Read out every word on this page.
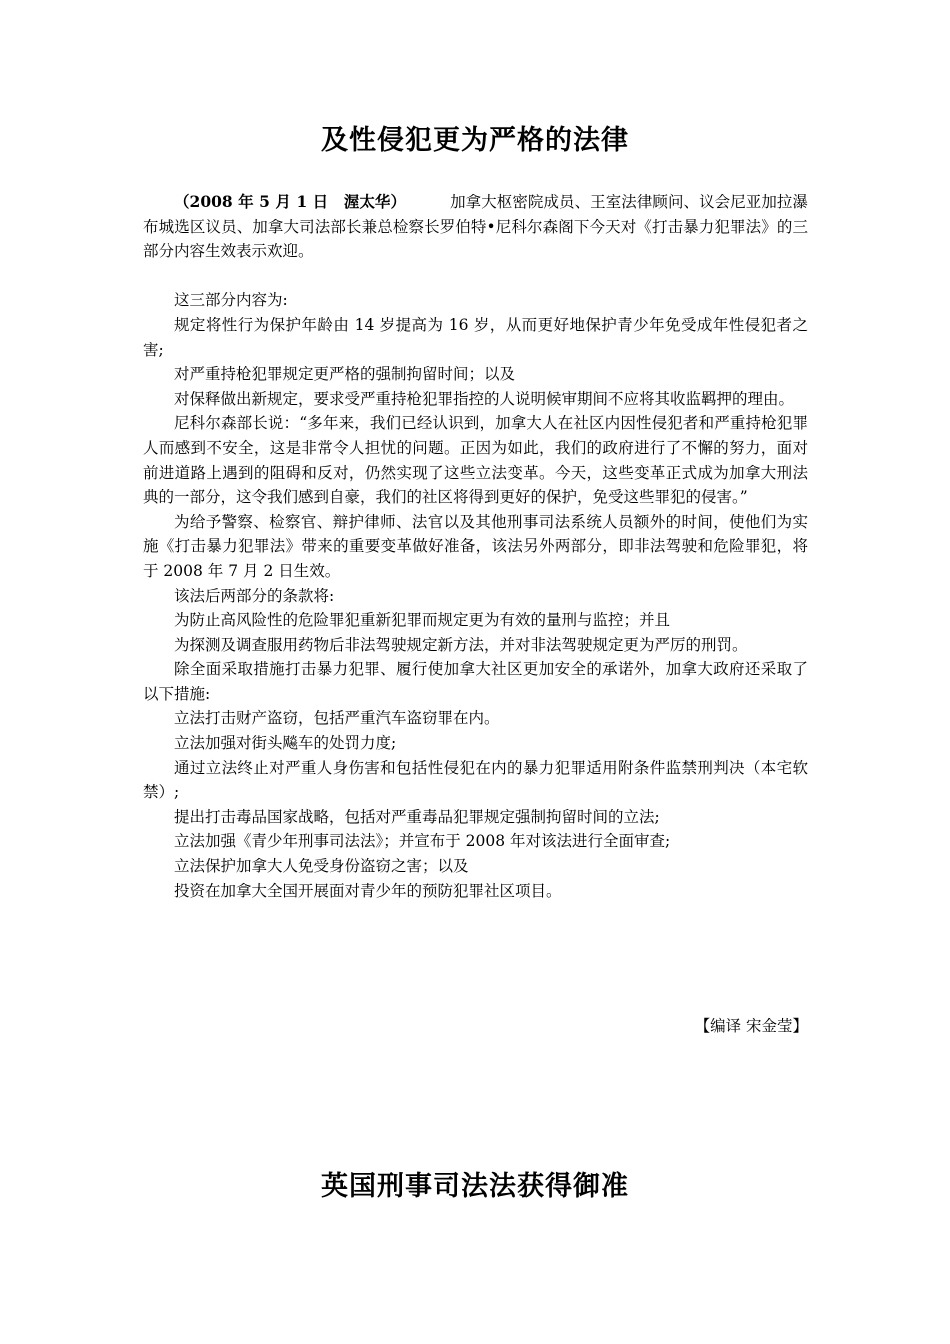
及性侵犯更为严格的法律

（2008 年 5 月 1 日　渥太华）	加拿大枢密院成员、王室法律顾问、议会尼亚加拉瀑布城选区议员、加拿大司法部长兼总检察长罗伯特•尼科尔森阁下今天对《打击暴力犯罪法》的三部分内容生效表示欢迎。

这三部分内容为:

规定将性行为保护年龄由 14 岁提高为 16 岁，从而更好地保护青少年免受成年性侵犯者之害;

对严重持枪犯罪规定更严格的强制拘留时间；以及

对保释做出新规定，要求受严重持枪犯罪指控的人说明候审期间不应将其收监羁押的理由。

尼科尔森部长说：“多年来，我们已经认识到，加拿大人在社区内因性侵犯者和严重持枪犯罪人而感到不安全，这是非常令人担忧的问题。正因为如此，我们的政府进行了不懈的努力，面对前进道路上遇到的阻碍和反对，仍然实现了这些立法变革。今天，这些变革正式成为加拿大刑法典的一部分，这令我们感到自豪，我们的社区将得到更好的保护，免受这些罪犯的侵害。”

为给予警察、检察官、辩护律师、法官以及其他刑事司法系统人员额外的时间，使他们为实施《打击暴力犯罪法》带来的重要变革做好准备，该法另外两部分，即非法驾驶和危险罪犯，将于 2008 年 7 月 2 日生效。

该法后两部分的条款将:

为防止高风险性的危险罪犯重新犯罪而规定更为有效的量刑与监控；并且

为探测及调查服用药物后非法驾驶规定新方法，并对非法驾驶规定更为严厉的刑罚。

除全面采取措施打击暴力犯罪、履行使加拿大社区更加安全的承诺外，加拿大政府还采取了以下措施:

立法打击财产盗窃，包括严重汽车盗窃罪在内。

立法加强对街头飚车的处罚力度;

通过立法终止对严重人身伤害和包括性侵犯在内的暴力犯罪适用附条件监禁刑判决（本宅软禁）;

提出打击毒品国家战略，包括对严重毒品犯罪规定强制拘留时间的立法;

立法加强《青少年刑事司法法》；并宣布于 2008 年对该法进行全面审查;

立法保护加拿大人免受身份盗窃之害；以及

投资在加拿大全国开展面对青少年的预防犯罪社区项目。

【编译 宋金莹】
英国刑事司法法获得御准
